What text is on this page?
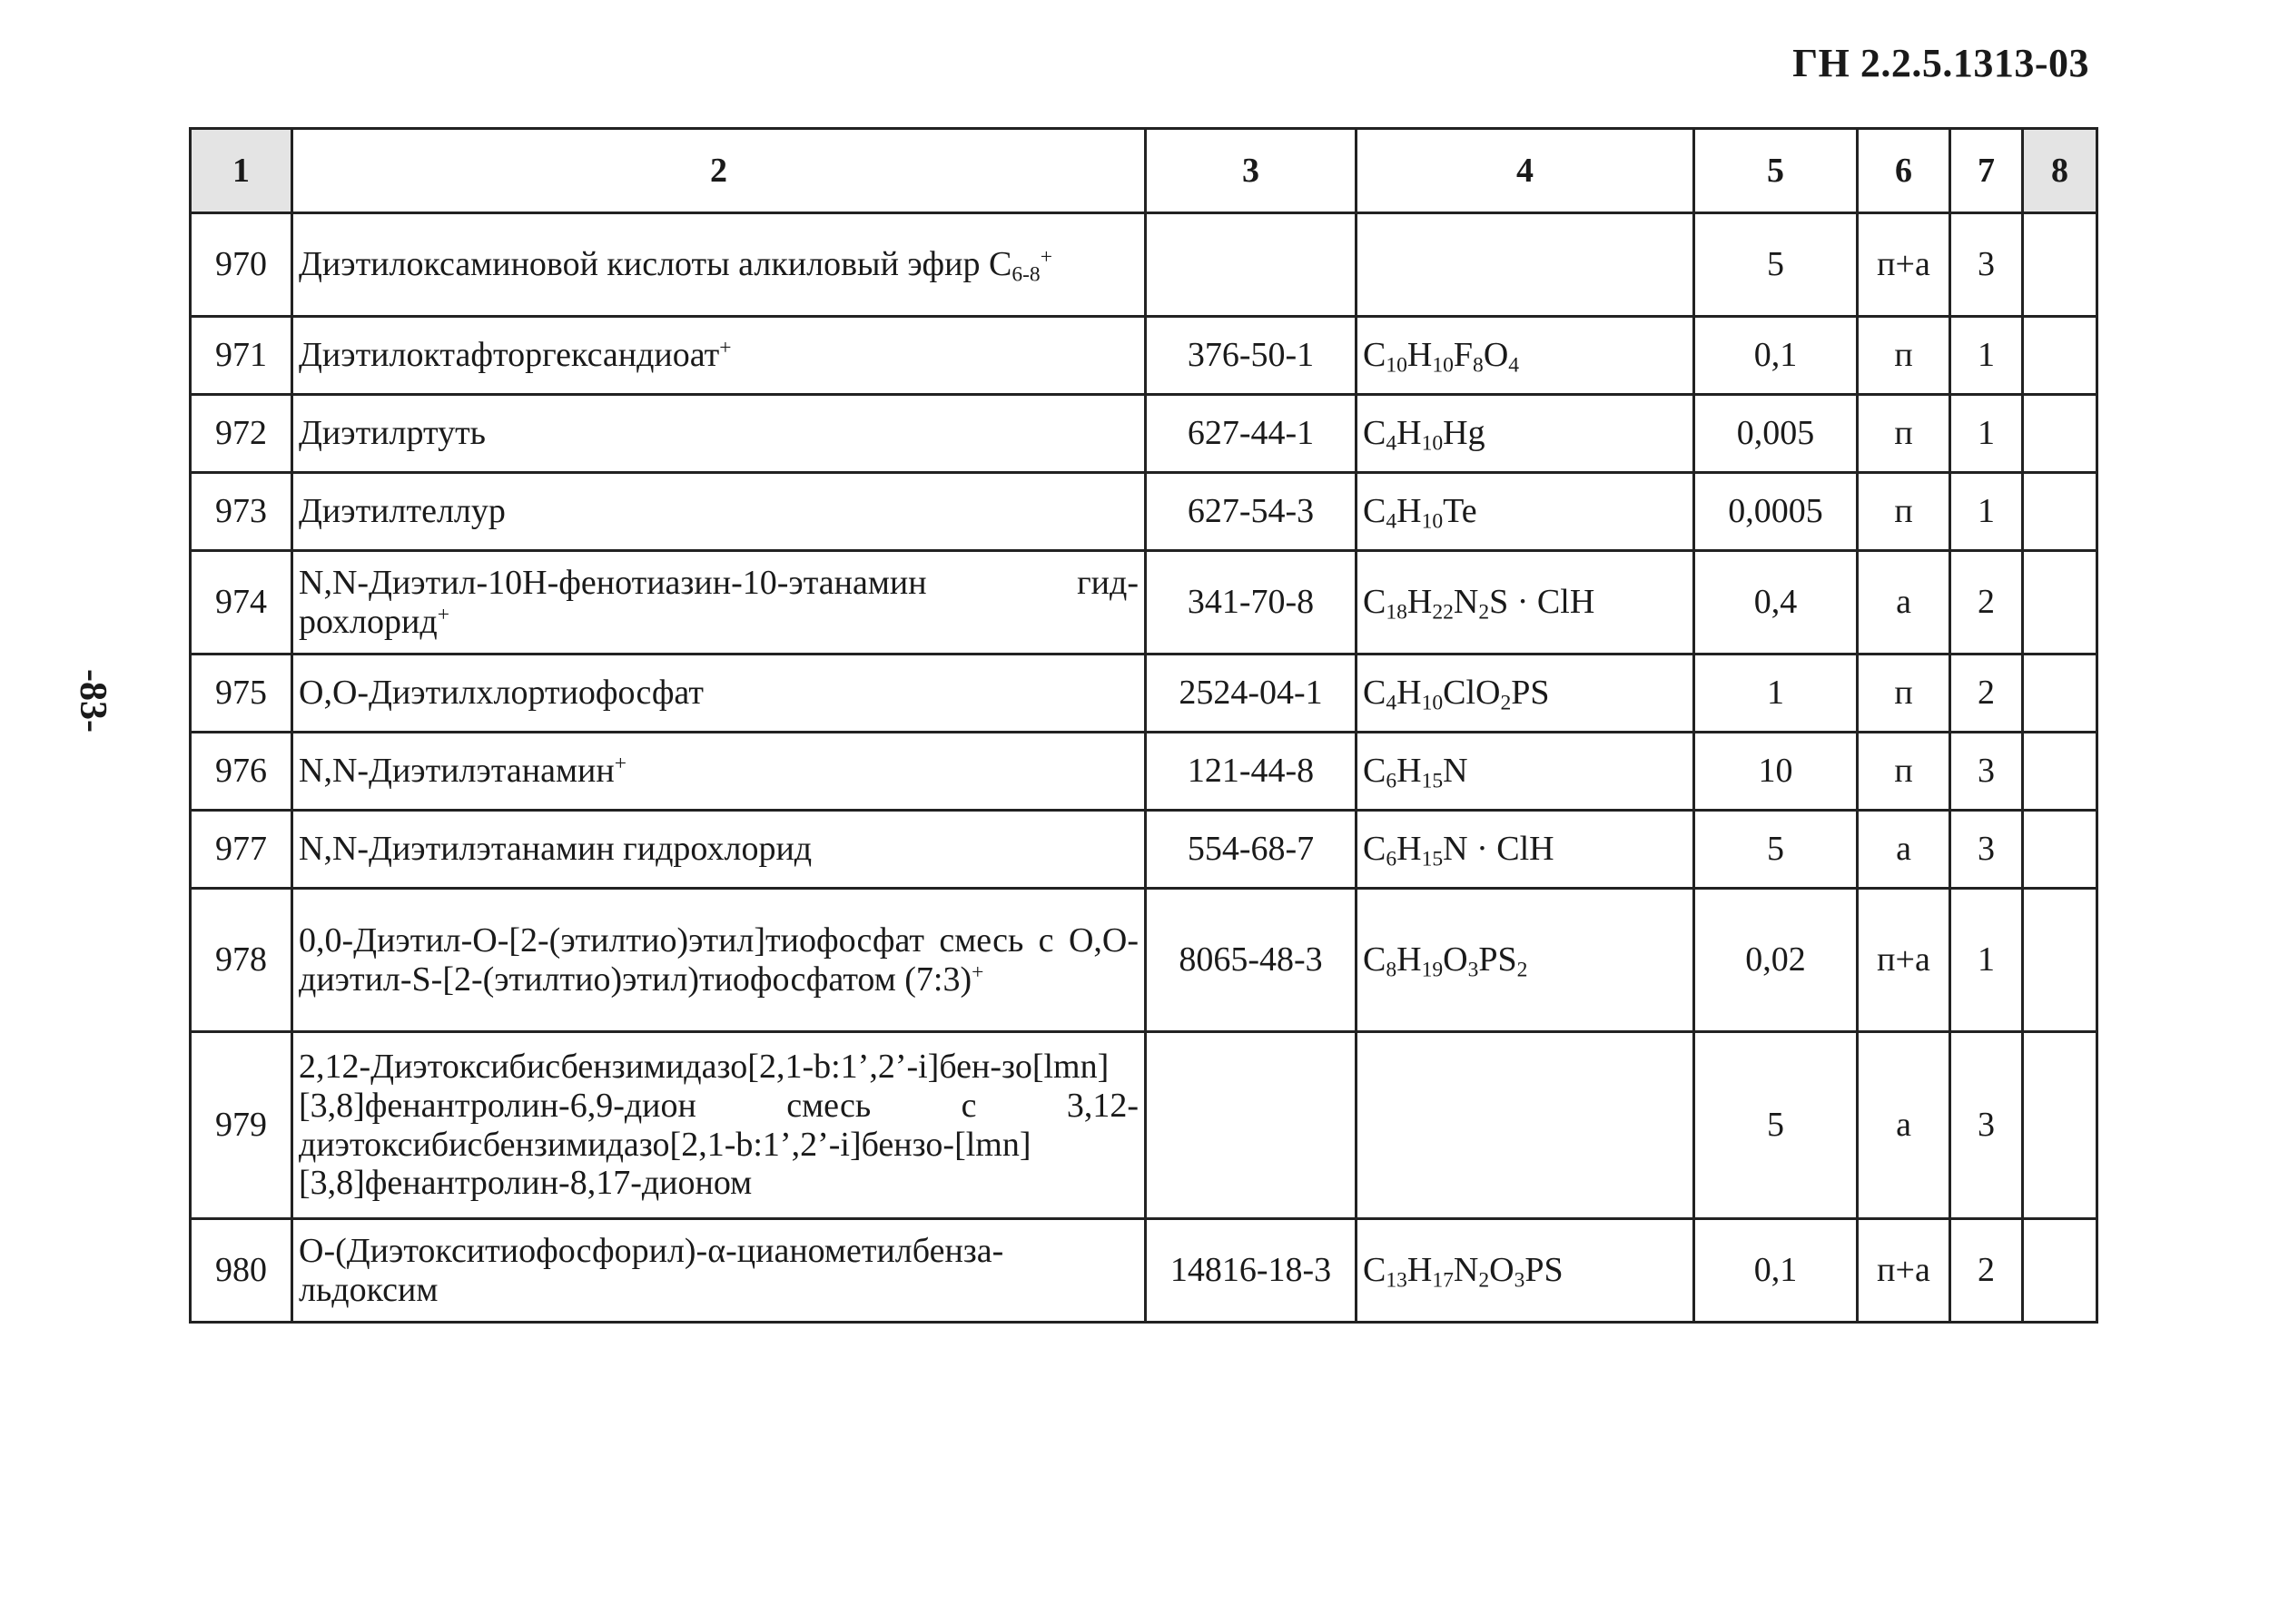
ГН 2.2.5.1313-03
-83-
1	2	3	4	5	6	7	8
970	Диэтилоксаминовой кислоты алкиловый эфир $C_{6-8}^+$			5	п+а	3	
971	Диэтилоктафторгександиоат+	376-50-1	$C_{10}H_{10}F_8O_4$	0,1	п	1	
972	Диэтилртуть	627-44-1	$C_4H_{10}Hg$	0,005	п	1	
973	Диэтилтеллур	627-54-3	$C_4H_{10}Te$	0,0005	п	1	
974	N,N-Диэтил-10Н-фенотиазин-10-этанамин гид-рохлорид+	341-70-8	$C_{18}H_{22}N_2S$ · ClH	0,4	а	2	
975	О,О-Диэтилхлортиофосфат	2524-04-1	$C_4H_{10}ClO_2PS$	1	п	2	
976	N,N-Диэтилэтанамин+	121-44-8	$C_6H_{15}N$	10	п	3	
977	N,N-Диэтилэтанамин гидрохлорид	554-68-7	$C_6H_{15}N$ · ClH	5	а	3	
978	0,0-Диэтил-О-[2-(этилтио)этил]тиофосфат смесь с О,О-диэтил-S-[2-(этилтио)этил)тиофосфатом (7:3)+	8065-48-3	$C_8H_{19}O_3PS_2$	0,02	п+а	1	
979	2,12-Диэтоксибисбензимидазо[2,1-b:1’,2’-i]бен-зо[lmn][3,8]фенантролин-6,9-дион смесь с 3,12-диэтоксибисбензимидазо[2,1-b:1’,2’-i]бензо-[lmn][3,8]фенантролин-8,17-дионом			5	а	3	
980	О-(Диэтокситиофосфорил)-α-цианометилбенза-льдоксим	14816-18-3	$C_{13}H_{17}N_2O_3PS$	0,1	п+а	2	
